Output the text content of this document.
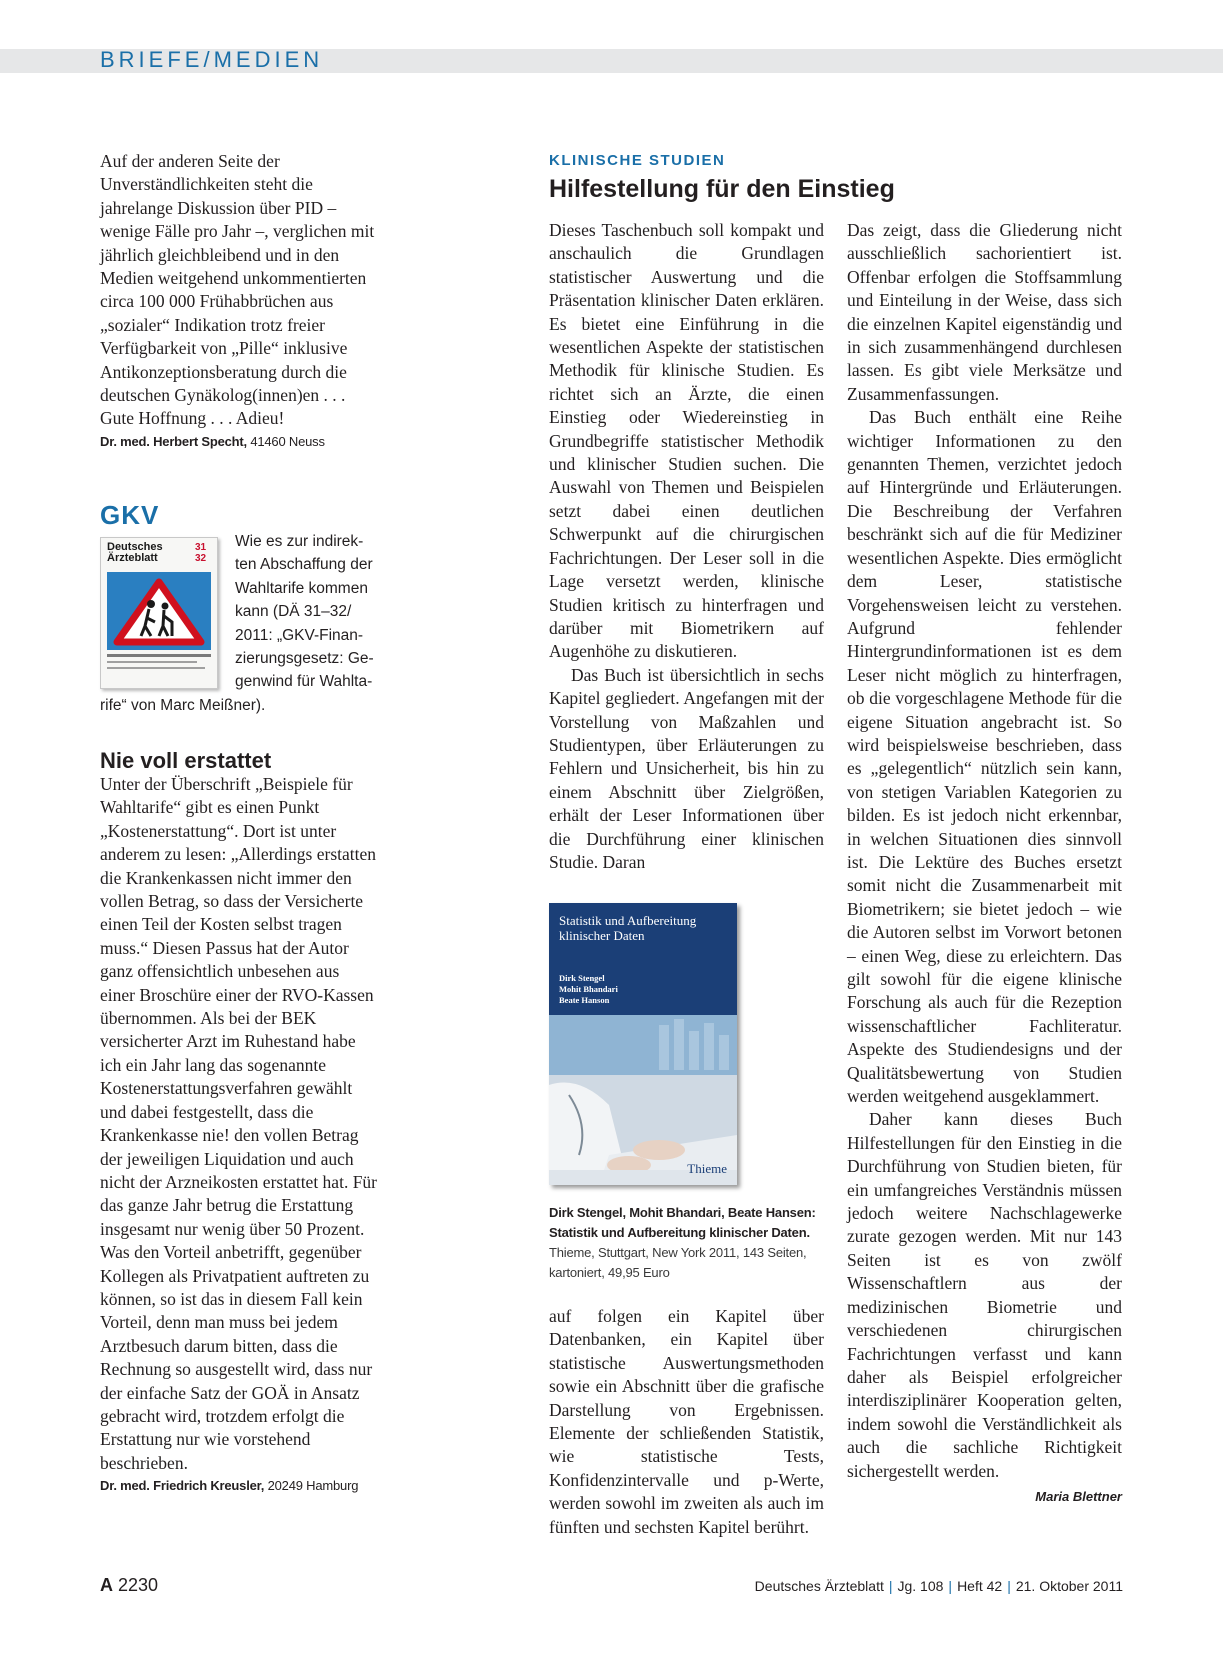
BRIEFE/MEDIEN

Auf der anderen Seite der Unverständlichkeiten steht die jahrelange Diskussion über PID – wenige Fälle pro Jahr –, verglichen mit jährlich gleichbleibend und in den Medien weitgehend unkommentierten circa 100 000 Frühabbrüchen aus „sozialer“ Indikation trotz freier Verfügbarkeit von „Pille“ inklusive Antikonzeptionsberatung durch die deutschen Gynäkolog(innen)en . . . Gute Hoffnung . . . Adieu!

Dr. med. Herbert Specht, 41460 Neuss
GKV
Deutsches Ärzteblatt
31 32
Wie es zur indirek-
ten Abschaffung der
Wahltarife kommen
kann (DÄ 31–32/
2011: „GKV-Finan-
zierungsgesetz: Ge-
genwind für Wahlta-
rife“ von Marc Meißner).
Nie voll erstattet

Unter der Überschrift „Beispiele für Wahltarife“ gibt es einen Punkt „Kostenerstattung“. Dort ist unter anderem zu lesen: „Allerdings erstatten die Krankenkassen nicht immer den vollen Betrag, so dass der Versicherte einen Teil der Kosten selbst tragen muss.“ Diesen Passus hat der Autor ganz offensichtlich unbesehen aus einer Broschüre einer der RVO-Kassen übernommen. Als bei der BEK versicherter Arzt im Ruhestand habe ich ein Jahr lang das sogenannte Kostenerstattungsverfahren gewählt und dabei festgestellt, dass die Krankenkasse nie! den vollen Betrag der jeweiligen Liquidation und auch nicht der Arzneikosten erstattet hat. Für das ganze Jahr betrug die Erstattung insgesamt nur wenig über 50 Prozent. Was den Vorteil anbetrifft, gegenüber Kollegen als Privatpatient auftreten zu können, so ist das in diesem Fall kein Vorteil, denn man muss bei jedem Arztbesuch darum bitten, dass die Rechnung so ausgestellt wird, dass nur der einfache Satz der GOÄ in Ansatz gebracht wird, trotzdem erfolgt die Erstattung nur wie vorstehend beschrieben.

Dr. med. Friedrich Kreusler, 20249 Hamburg
KLINISCHE STUDIEN
Hilfestellung für den Einstieg

Dieses Taschenbuch soll kompakt und anschaulich die Grundlagen statistischer Auswertung und die Präsentation klinischer Daten erklären. Es bietet eine Einführung in die wesentlichen Aspekte der statistischen Methodik für klinische Studien. Es richtet sich an Ärzte, die einen Einstieg oder Wiedereinstieg in Grundbegriffe statistischer Methodik und klinischer Studien suchen. Die Auswahl von Themen und Beispielen setzt dabei einen deutlichen Schwerpunkt auf die chirurgischen Fachrichtungen. Der Leser soll in die Lage versetzt werden, klinische Studien kritisch zu hinterfragen und darüber mit Biometrikern auf Augenhöhe zu diskutieren.

Das Buch ist übersichtlich in sechs Kapitel gegliedert. Angefangen mit der Vorstellung von Maßzahlen und Studientypen, über Erläuterungen zu Fehlern und Unsicherheit, bis hin zu einem Abschnitt über Zielgrößen, erhält der Leser Informationen über die Durchführung einer klinischen Studie. Daran

Statistik und Aufbereitung klinischer Daten
Dirk Stengel
Mohit Bhandari
Beate Hanson
Thieme
Dirk Stengel, Mohit Bhandari, Beate Hansen:
Statistik und Aufbereitung klinischer Daten.
Thieme, Stuttgart, New York 2011, 143 Seiten,
kartoniert, 49,95 Euro

auf folgen ein Kapitel über Datenbanken, ein Kapitel über statistische Auswertungsmethoden sowie ein Abschnitt über die grafische Darstellung von Ergebnissen. Elemente der schließenden Statistik, wie statistische Tests, Konfidenzintervalle und p-Werte, werden sowohl im zweiten als auch im fünften und sechsten Kapitel berührt.

Das zeigt, dass die Gliederung nicht ausschließlich sachorientiert ist. Offenbar erfolgen die Stoffsammlung und Einteilung in der Weise, dass sich die einzelnen Kapitel eigenständig und in sich zusammenhängend durchlesen lassen. Es gibt viele Merksätze und Zusammenfassungen.

Das Buch enthält eine Reihe wichtiger Informationen zu den genannten Themen, verzichtet jedoch auf Hintergründe und Erläuterungen. Die Beschreibung der Verfahren beschränkt sich auf die für Mediziner wesentlichen Aspekte. Dies ermöglicht dem Leser, statistische Vorgehensweisen leicht zu verstehen. Aufgrund fehlender Hintergrundinformationen ist es dem Leser nicht möglich zu hinterfragen, ob die vorgeschlagene Methode für die eigene Situation angebracht ist. So wird beispielsweise beschrieben, dass es „gelegentlich“ nützlich sein kann, von stetigen Variablen Kategorien zu bilden. Es ist jedoch nicht erkennbar, in welchen Situationen dies sinnvoll ist. Die Lektüre des Buches ersetzt somit nicht die Zusammenarbeit mit Biometrikern; sie bietet jedoch – wie die Autoren selbst im Vorwort betonen – einen Weg, diese zu erleichtern. Das gilt sowohl für die eigene klinische Forschung als auch für die Rezeption wissenschaftlicher Fachliteratur. Aspekte des Studiendesigns und der Qualitätsbewertung von Studien werden weitgehend ausgeklammert.

Daher kann dieses Buch Hilfestellungen für den Einstieg in die Durchführung von Studien bieten, für ein umfangreiches Verständnis müssen jedoch weitere Nachschlagewerke zurate gezogen werden. Mit nur 143 Seiten ist es von zwölf Wissenschaftlern aus der medizinischen Biometrie und verschiedenen chirurgischen Fachrichtungen verfasst und kann daher als Beispiel erfolgreicher interdisziplinärer Kooperation gelten, indem sowohl die Verständlichkeit als auch die sachliche Richtigkeit sichergestellt werden.

Maria Blettner
A 2230	Deutsches Ärzteblatt | Jg. 108 | Heft 42 | 21. Oktober 2011
